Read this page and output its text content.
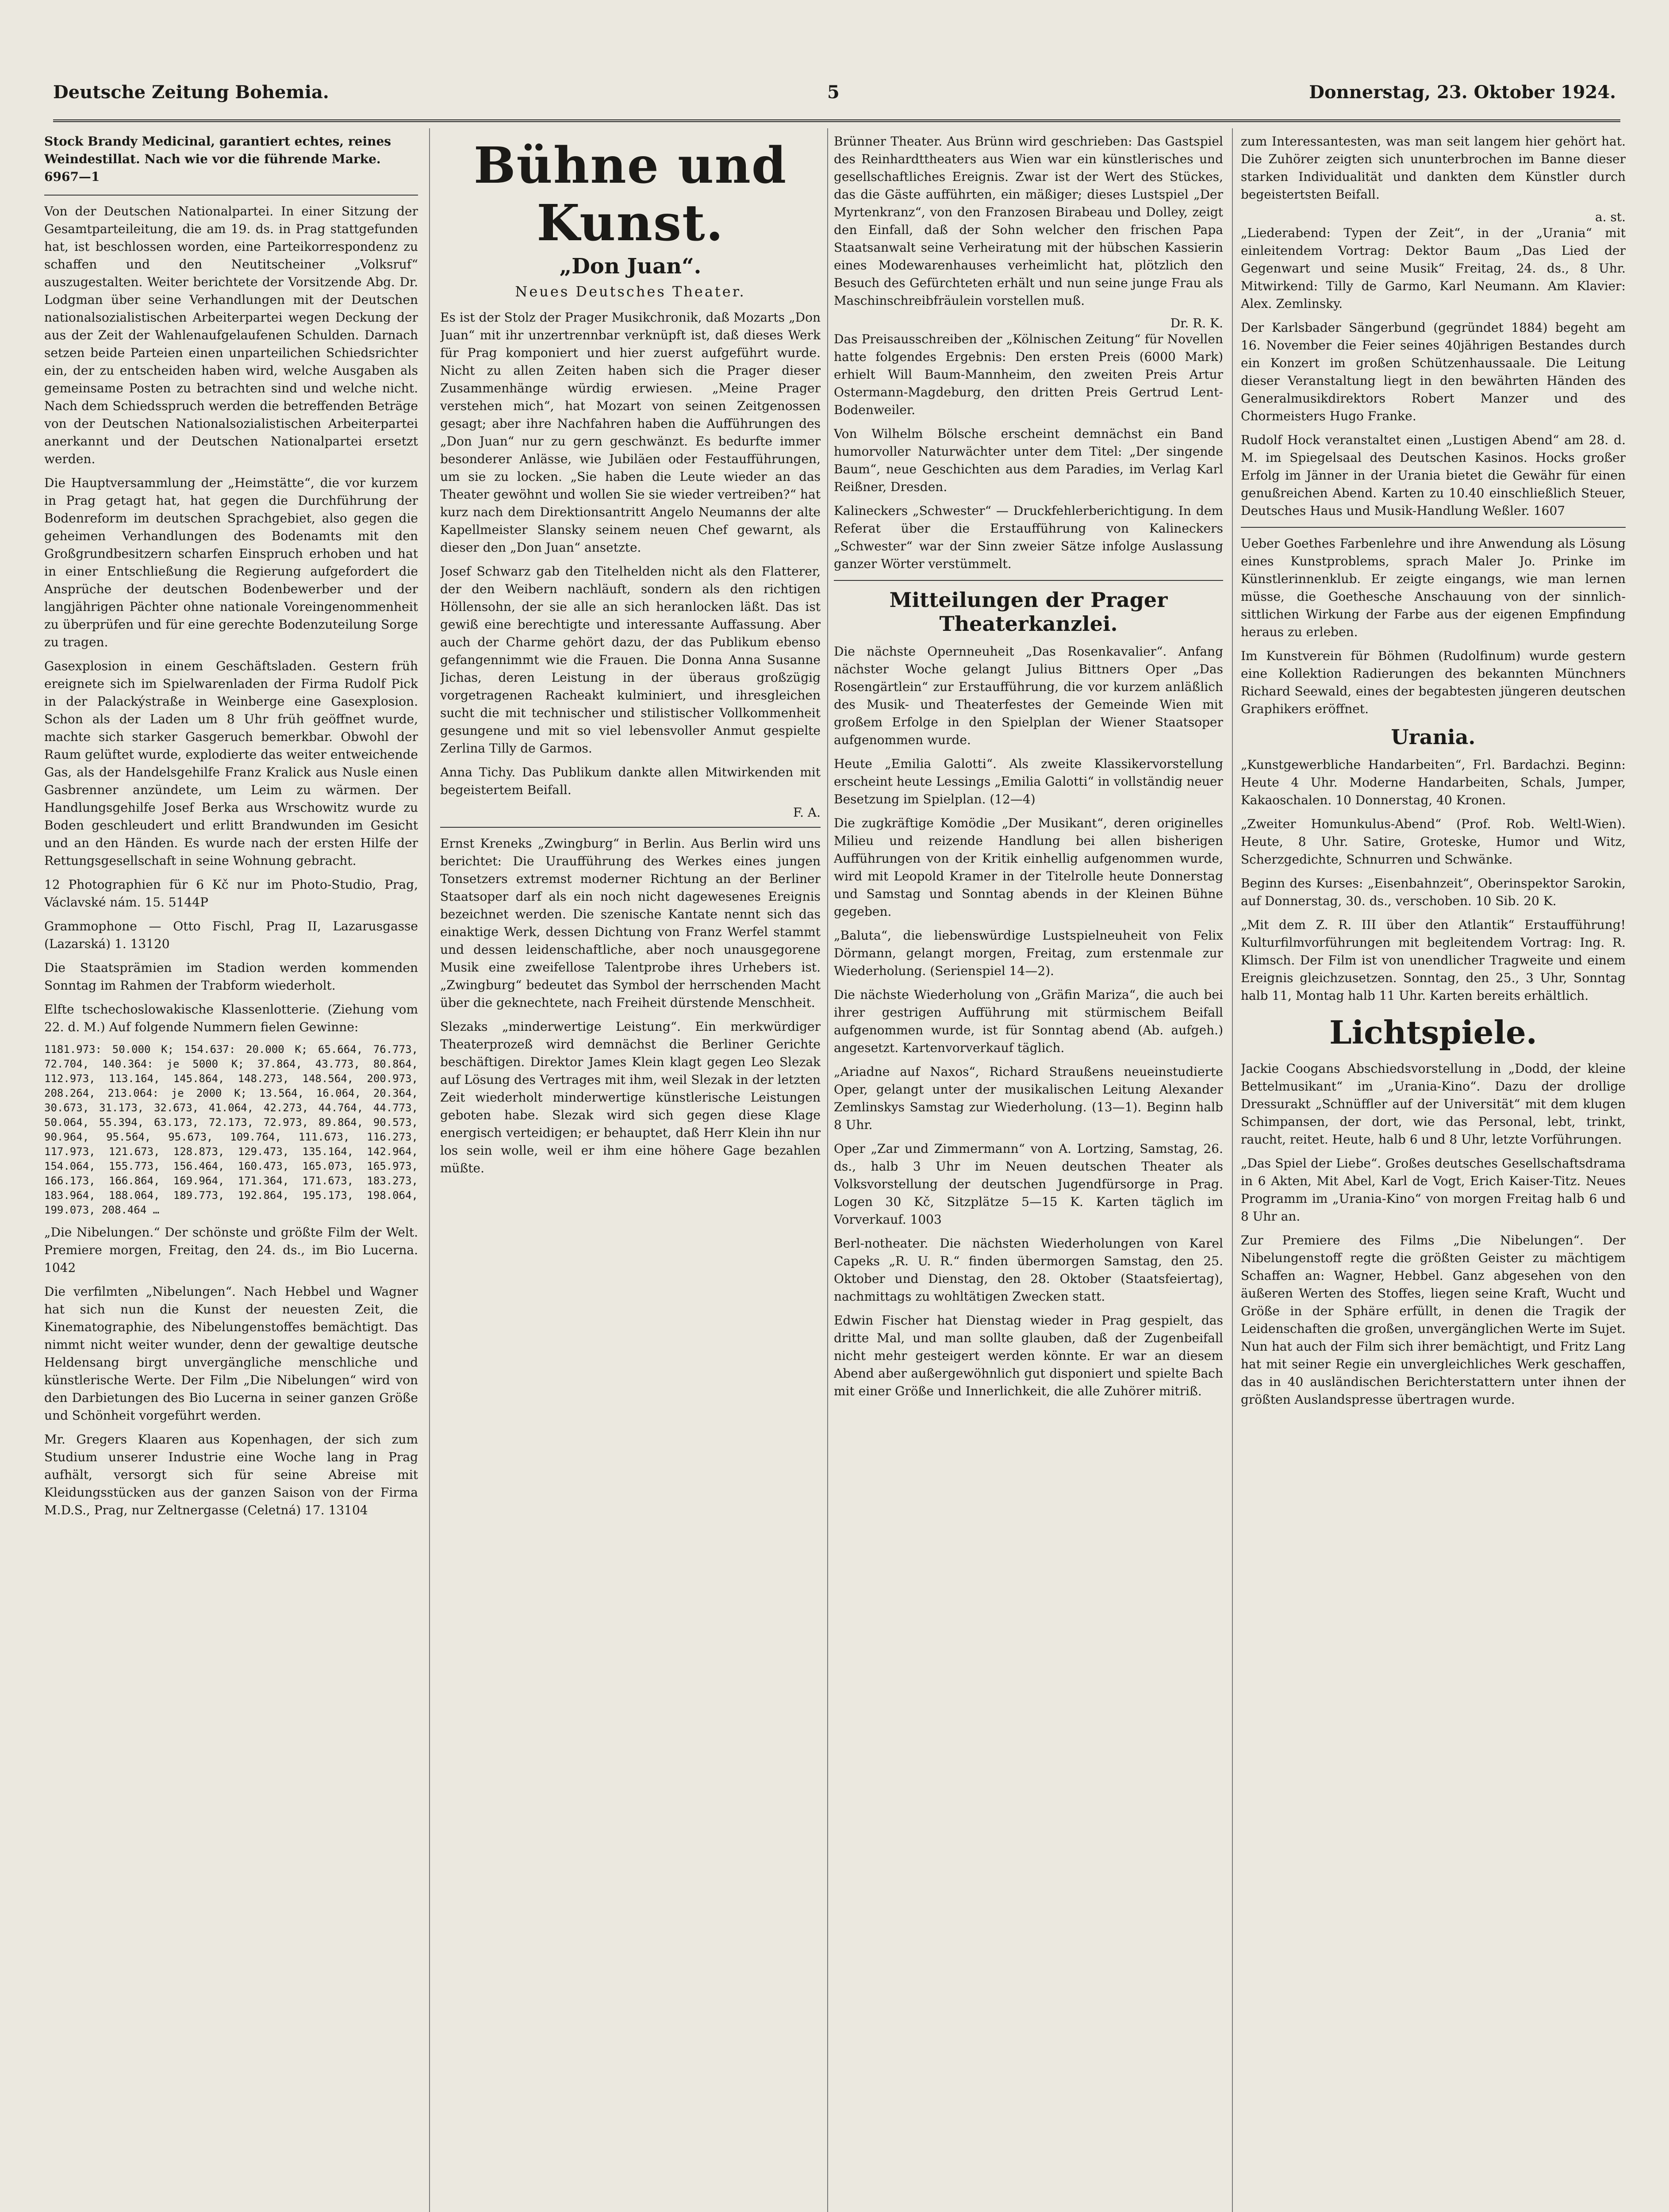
Deutsche Zeitung Bohemia.	5	Donnerstag, 23. Oktober 1924.
Stock Brandy Medicinal, garantiert echtes, reines Weindestillat. Nach wie vor die führende Marke. 6967—1

Von der Deutschen Nationalpartei. In einer Sitzung der Gesamtparteileitung, die am 19. ds. in Prag stattgefunden hat, ist beschlossen worden, eine Parteikorrespondenz zu schaffen und den Neutitscheiner „Volksruf“ auszugestalten. Weiter berichtete der Vorsitzende Abg. Dr. Lodgman über seine Verhandlungen mit der Deutschen nationalsozialistischen Arbeiterpartei wegen Deckung der aus der Zeit der Wahlenaufgelaufenen Schulden. Darnach setzen beide Parteien einen unparteilichen Schiedsrichter ein, der zu entscheiden haben wird, welche Ausgaben als gemeinsame Posten zu betrachten sind und welche nicht. Nach dem Schiedsspruch werden die betreffenden Beträge von der Deutschen Nationalsozialistischen Arbeiterpartei anerkannt und der Deutschen Nationalpartei ersetzt werden.

Die Hauptversammlung der „Heimstätte“, die vor kurzem in Prag getagt hat, hat gegen die Durchführung der Bodenreform im deutschen Sprachgebiet, also gegen die geheimen Verhandlungen des Bodenamts mit den Großgrundbesitzern scharfen Einspruch erhoben und hat in einer Entschließung die Regierung aufgefordert die Ansprüche der deutschen Bodenbewerber und der langjährigen Pächter ohne nationale Voreingenommenheit zu überprüfen und für eine gerechte Bodenzuteilung Sorge zu tragen.

Gasexplosion in einem Geschäftsladen. Gestern früh ereignete sich im Spielwarenladen der Firma Rudolf Pick in der Palackýstraße in Weinberge eine Gasexplosion. Schon als der Laden um 8 Uhr früh geöffnet wurde, machte sich starker Gasgeruch bemerkbar. Obwohl der Raum gelüftet wurde, explodierte das weiter entweichende Gas, als der Handelsgehilfe Franz Kralick aus Nusle einen Gasbrenner anzündete, um Leim zu wärmen. Der Handlungsgehilfe Josef Berka aus Wrschowitz wurde zu Boden geschleudert und erlitt Brandwunden im Gesicht und an den Händen. Es wurde nach der ersten Hilfe der Rettungsgesellschaft in seine Wohnung gebracht.

12 Photographien für 6 Kč nur im Photo-Studio, Prag, Václavské nám. 15. 5144P

Grammophone — Otto Fischl, Prag II, Lazarusgasse (Lazarská) 1. 13120

Die Staatsprämien im Stadion werden kommenden Sonntag im Rahmen der Trabform wiederholt.

Elfte tschechoslowakische Klassenlotterie. (Ziehung vom 22. d. M.) Auf folgende Nummern fielen Gewinne:

1181.973: 50.000 K; 154.637: 20.000 K; 65.664, 76.773, 72.704, 140.364: je 5000 K; 37.864, 43.773, 80.864, 112.973, 113.164, 145.864, 148.273, 148.564, 200.973, 208.264, 213.064: je 2000 K; 13.564, 16.064, 20.364, 30.673, 31.173, 32.673, 41.064, 42.273, 44.764, 44.773, 50.064, 55.394, 63.173, 72.173, 72.973, 89.864, 90.573, 90.964, 95.564, 95.673, 109.764, 111.673, 116.273, 117.973, 121.673, 128.873, 129.473, 135.164, 142.964, 154.064, 155.773, 156.464, 160.473, 165.073, 165.973, 166.173, 166.864, 169.964, 171.364, 171.673, 183.273, 183.964, 188.064, 189.773, 192.864, 195.173, 198.064, 199.073, 208.464 …

„Die Nibelungen.“ Der schönste und größte Film der Welt. Premiere morgen, Freitag, den 24. ds., im Bio Lucerna. 1042

Die verfilmten „Nibelungen“. Nach Hebbel und Wagner hat sich nun die Kunst der neuesten Zeit, die Kinematographie, des Nibelungenstoffes bemächtigt. Das nimmt nicht weiter wunder, denn der gewaltige deutsche Heldensang birgt unvergängliche menschliche und künstlerische Werte. Der Film „Die Nibelungen“ wird von den Darbietungen des Bio Lucerna in seiner ganzen Größe und Schönheit vorgeführt werden.

Mr. Gregers Klaaren aus Kopenhagen, der sich zum Studium unserer Industrie eine Woche lang in Prag aufhält, versorgt sich für seine Abreise mit Kleidungsstücken aus der ganzen Saison von der Firma M.D.S., Prag, nur Zeltnergasse (Celetná) 17. 13104

Bühne und Kunst.
„Don Juan“.
Neues Deutsches Theater.

Es ist der Stolz der Prager Musikchronik, daß Mozarts „Don Juan“ mit ihr unzertrennbar verknüpft ist, daß dieses Werk für Prag komponiert und hier zuerst aufgeführt wurde. Nicht zu allen Zeiten haben sich die Prager dieser Zusammenhänge würdig erwiesen. „Meine Prager verstehen mich“, hat Mozart von seinen Zeitgenossen gesagt; aber ihre Nachfahren haben die Aufführungen des „Don Juan“ nur zu gern geschwänzt. Es bedurfte immer besonderer Anlässe, wie Jubiläen oder Festaufführungen, um sie zu locken. „Sie haben die Leute wieder an das Theater gewöhnt und wollen Sie sie wieder vertreiben?“ hat kurz nach dem Direktionsantritt Angelo Neumanns der alte Kapellmeister Slansky seinem neuen Chef gewarnt, als dieser den „Don Juan“ ansetzte.

Josef Schwarz gab den Titelhelden nicht als den Flatterer, der den Weibern nachläuft, sondern als den richtigen Höllensohn, der sie alle an sich heranlocken läßt. Das ist gewiß eine berechtigte und interessante Auffassung. Aber auch der Charme gehört dazu, der das Publikum ebenso gefangennimmt wie die Frauen. Die Donna Anna Susanne Jichas, deren Leistung in der überaus großzügig vorgetragenen Racheakt kulminiert, und ihresgleichen sucht die mit technischer und stilistischer Vollkommenheit gesungene und mit so viel lebensvoller Anmut gespielte Zerlina Tilly de Garmos.

Anna Tichy. Das Publikum dankte allen Mitwirkenden mit begeistertem Beifall.

F. A.

Ernst Kreneks „Zwingburg“ in Berlin. Aus Berlin wird uns berichtet: Die Uraufführung des Werkes eines jungen Tonsetzers extremst moderner Richtung an der Berliner Staatsoper darf als ein noch nicht dagewesenes Ereignis bezeichnet werden. Die szenische Kantate nennt sich das einaktige Werk, dessen Dichtung von Franz Werfel stammt und dessen leidenschaftliche, aber noch unausgegorene Musik eine zweifellose Talentprobe ihres Urhebers ist. „Zwingburg“ bedeutet das Symbol der herrschenden Macht über die geknechtete, nach Freiheit dürstende Menschheit.

Slezaks „minderwertige Leistung“. Ein merkwürdiger Theaterprozeß wird demnächst die Berliner Gerichte beschäftigen. Direktor James Klein klagt gegen Leo Slezak auf Lösung des Vertrages mit ihm, weil Slezak in der letzten Zeit wiederholt minderwertige künstlerische Leistungen geboten habe. Slezak wird sich gegen diese Klage energisch verteidigen; er behauptet, daß Herr Klein ihn nur los sein wolle, weil er ihm eine höhere Gage bezahlen müßte.

Brünner Theater. Aus Brünn wird geschrieben: Das Gastspiel des Reinhardttheaters aus Wien war ein künstlerisches und gesellschaftliches Ereignis. Zwar ist der Wert des Stückes, das die Gäste aufführten, ein mäßiger; dieses Lustspiel „Der Myrtenkranz“, von den Franzosen Birabeau und Dolley, zeigt den Einfall, daß der Sohn welcher den frischen Papa Staatsanwalt seine Verheiratung mit der hübschen Kassierin eines Modewarenhauses verheimlicht hat, plötzlich den Besuch des Gefürchteten erhält und nun seine junge Frau als Maschinschreibfräulein vorstellen muß.

Dr. R. K.

Das Preisausschreiben der „Kölnischen Zeitung“ für Novellen hatte folgendes Ergebnis: Den ersten Preis (6000 Mark) erhielt Will Baum-Mannheim, den zweiten Preis Artur Ostermann-Magdeburg, den dritten Preis Gertrud Lent-Bodenweiler.

Von Wilhelm Bölsche erscheint demnächst ein Band humorvoller Naturwächter unter dem Titel: „Der singende Baum“, neue Geschichten aus dem Paradies, im Verlag Karl Reißner, Dresden.

Kalineckers „Schwester“ — Druckfehlerberichtigung. In dem Referat über die Erstaufführung von Kalineckers „Schwester“ war der Sinn zweier Sätze infolge Auslassung ganzer Wörter verstümmelt.

Mitteilungen der Prager Theaterkanzlei.

Die nächste Opernneuheit „Das Rosenkavalier“. Anfang nächster Woche gelangt Julius Bittners Oper „Das Rosengärtlein“ zur Erstaufführung, die vor kurzem anläßlich des Musik- und Theaterfestes der Gemeinde Wien mit großem Erfolge in den Spielplan der Wiener Staatsoper aufgenommen wurde.

Heute „Emilia Galotti“. Als zweite Klassikervorstellung erscheint heute Lessings „Emilia Galotti“ in vollständig neuer Besetzung im Spielplan. (12—4)

Die zugkräftige Komödie „Der Musikant“, deren originelles Milieu und reizende Handlung bei allen bisherigen Aufführungen von der Kritik einhellig aufgenommen wurde, wird mit Leopold Kramer in der Titelrolle heute Donnerstag und Samstag und Sonntag abends in der Kleinen Bühne gegeben.

„Baluta“, die liebenswürdige Lustspielneuheit von Felix Dörmann, gelangt morgen, Freitag, zum erstenmale zur Wiederholung. (Serienspiel 14—2).

Die nächste Wiederholung von „Gräfin Mariza“, die auch bei ihrer gestrigen Aufführung mit stürmischem Beifall aufgenommen wurde, ist für Sonntag abend (Ab. aufgeh.) angesetzt. Kartenvorverkauf täglich.

„Ariadne auf Naxos“, Richard Straußens neueinstudierte Oper, gelangt unter der musikalischen Leitung Alexander Zemlinskys Samstag zur Wiederholung. (13—1). Beginn halb 8 Uhr.

Oper „Zar und Zimmermann“ von A. Lortzing, Samstag, 26. ds., halb 3 Uhr im Neuen deutschen Theater als Volksvorstellung der deutschen Jugendfürsorge in Prag. Logen 30 Kč, Sitzplätze 5—15 K. Karten täglich im Vorverkauf. 1003

Berl-notheater. Die nächsten Wiederholungen von Karel Capeks „R. U. R.“ finden übermorgen Samstag, den 25. Oktober und Dienstag, den 28. Oktober (Staatsfeiertag), nachmittags zu wohltätigen Zwecken statt.

Edwin Fischer hat Dienstag wieder in Prag gespielt, das dritte Mal, und man sollte glauben, daß der Zugenbeifall nicht mehr gesteigert werden könnte. Er war an diesem Abend aber außergewöhnlich gut disponiert und spielte Bach mit einer Größe und Innerlichkeit, die alle Zuhörer mitriß.

zum Interessantesten, was man seit langem hier gehört hat. Die Zuhörer zeigten sich ununterbrochen im Banne dieser starken Individualität und dankten dem Künstler durch begeistertsten Beifall.

a. st.

„Liederabend: Typen der Zeit“, in der „Urania“ mit einleitendem Vortrag: Dektor Baum „Das Lied der Gegenwart und seine Musik“ Freitag, 24. ds., 8 Uhr. Mitwirkend: Tilly de Garmo, Karl Neumann. Am Klavier: Alex. Zemlinsky.

Der Karlsbader Sängerbund (gegründet 1884) begeht am 16. November die Feier seines 40jährigen Bestandes durch ein Konzert im großen Schützenhaussaale. Die Leitung dieser Veranstaltung liegt in den bewährten Händen des Generalmusikdirektors Robert Manzer und des Chormeisters Hugo Franke.

Rudolf Hock veranstaltet einen „Lustigen Abend“ am 28. d. M. im Spiegelsaal des Deutschen Kasinos. Hocks großer Erfolg im Jänner in der Urania bietet die Gewähr für einen genußreichen Abend. Karten zu 10.40 einschließlich Steuer, Deutsches Haus und Musik-Handlung Weßler. 1607

Ueber Goethes Farbenlehre und ihre Anwendung als Lösung eines Kunstproblems, sprach Maler Jo. Prinke im Künstlerinnenklub. Er zeigte eingangs, wie man lernen müsse, die Goethesche Anschauung von der sinnlich-sittlichen Wirkung der Farbe aus der eigenen Empfindung heraus zu erleben.

Im Kunstverein für Böhmen (Rudolfinum) wurde gestern eine Kollektion Radierungen des bekannten Münchners Richard Seewald, eines der begabtesten jüngeren deutschen Graphikers eröffnet.

Urania.

„Kunstgewerbliche Handarbeiten“, Frl. Bardachzi. Beginn: Heute 4 Uhr. Moderne Handarbeiten, Schals, Jumper, Kakaoschalen. 10 Donnerstag, 40 Kronen.

„Zweiter Homunkulus-Abend“ (Prof. Rob. Weltl-Wien). Heute, 8 Uhr. Satire, Groteske, Humor und Witz, Scherzgedichte, Schnurren und Schwänke.

Beginn des Kurses: „Eisenbahnzeit“, Oberinspektor Sarokin, auf Donnerstag, 30. ds., verschoben. 10 Sib. 20 K.

„Mit dem Z. R. III über den Atlantik“ Erstaufführung! Kulturfilmvorführungen mit begleitendem Vortrag: Ing. R. Klimsch. Der Film ist von unendlicher Tragweite und einem Ereignis gleichzusetzen. Sonntag, den 25., 3 Uhr, Sonntag halb 11, Montag halb 11 Uhr. Karten bereits erhältlich.

Lichtspiele.

Jackie Coogans Abschiedsvorstellung in „Dodd, der kleine Bettelmusikant“ im „Urania-Kino“. Dazu der drollige Dressurakt „Schnüffler auf der Universität“ mit dem klugen Schimpansen, der dort, wie das Personal, lebt, trinkt, raucht, reitet. Heute, halb 6 und 8 Uhr, letzte Vorführungen.

„Das Spiel der Liebe“. Großes deutsches Gesellschaftsdrama in 6 Akten, Mit Abel, Karl de Vogt, Erich Kaiser-Titz. Neues Programm im „Urania-Kino“ von morgen Freitag halb 6 und 8 Uhr an.

Zur Premiere des Films „Die Nibelungen“. Der Nibelungenstoff regte die größten Geister zu mächtigem Schaffen an: Wagner, Hebbel. Ganz abgesehen von den äußeren Werten des Stoffes, liegen seine Kraft, Wucht und Größe in der Sphäre erfüllt, in denen die Tragik der Leidenschaften die großen, unvergänglichen Werte im Sujet. Nun hat auch der Film sich ihrer bemächtigt, und Fritz Lang hat mit seiner Regie ein unvergleichliches Werk geschaffen, das in 40 ausländischen Berichterstattern unter ihnen der größten Auslandspresse übertragen wurde.
